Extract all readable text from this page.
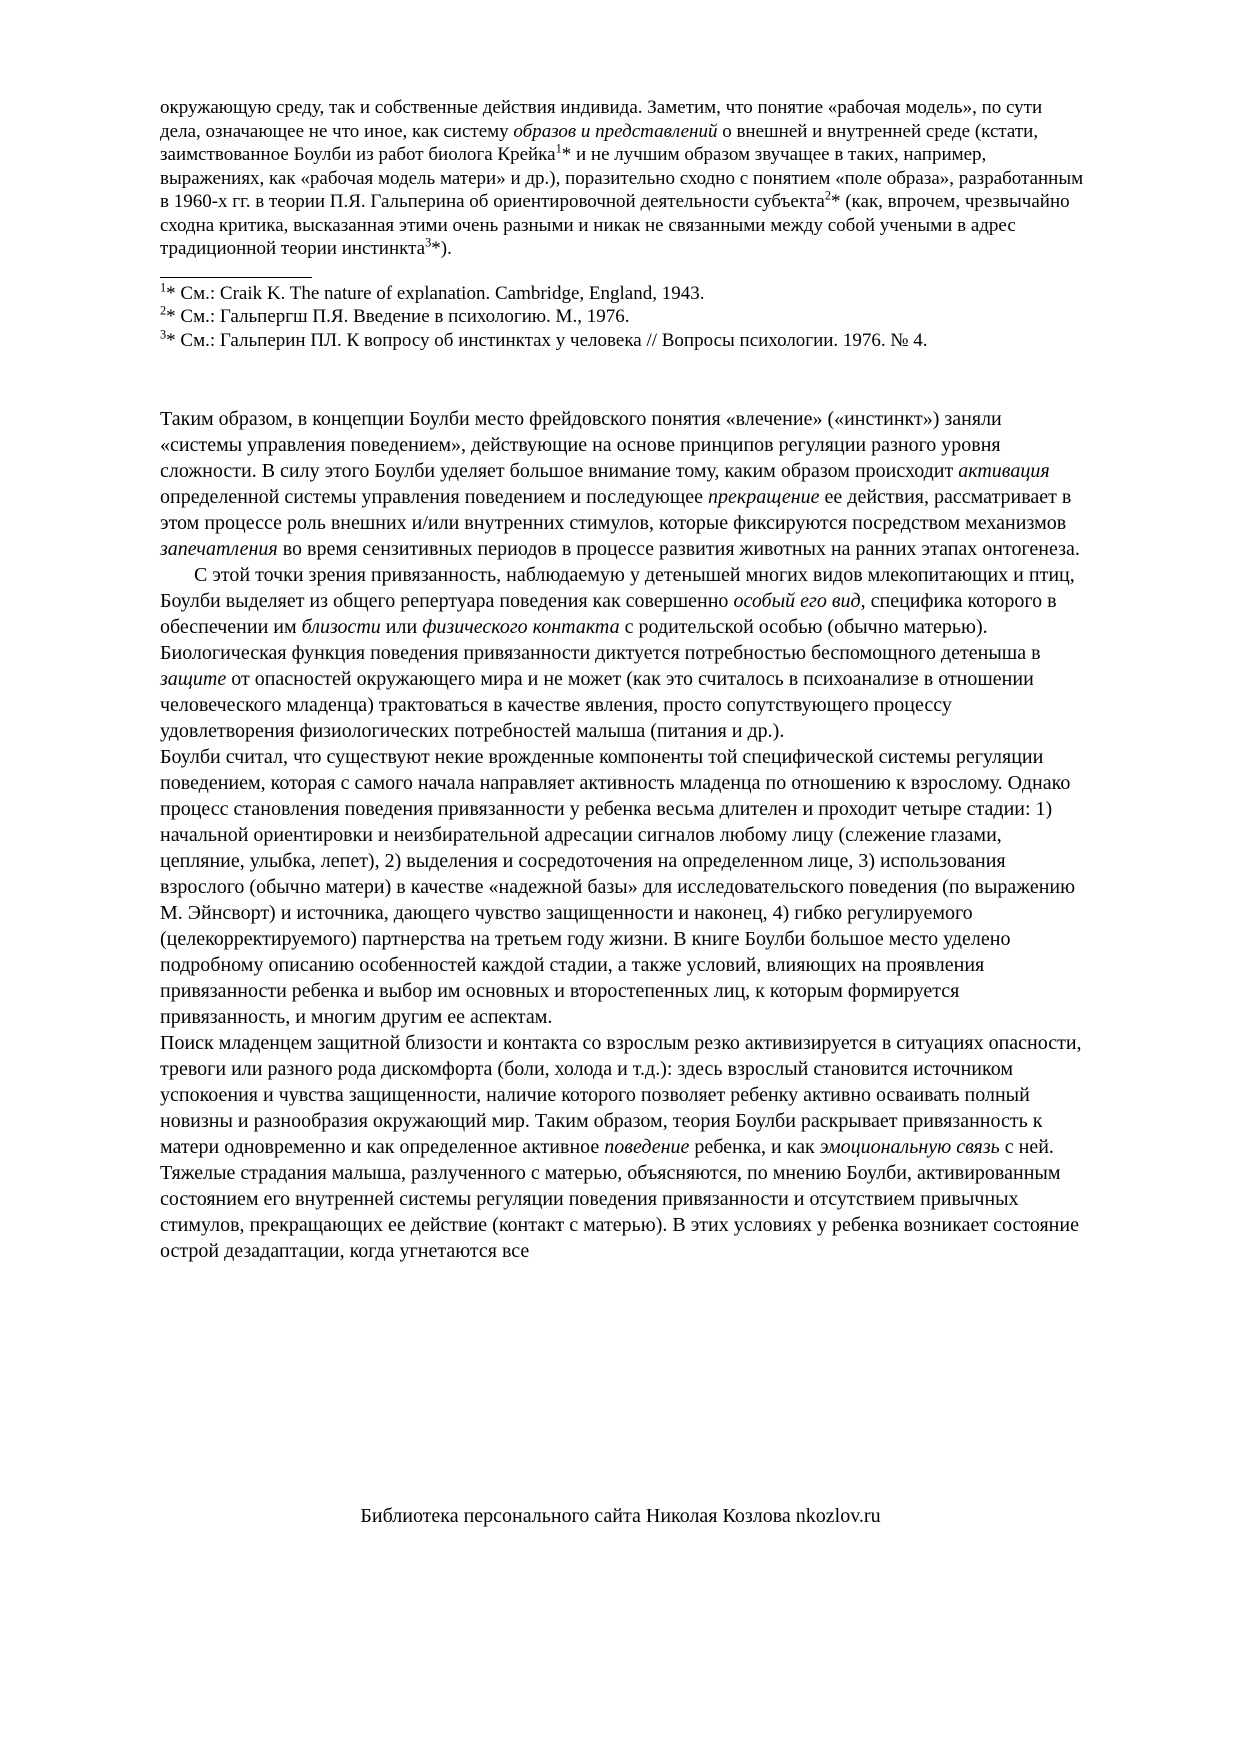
окружающую среду, так и собственные действия индивида. Заметим, что понятие «рабочая модель», по сути дела, означающее не что иное, как систему образов и представлений о внешней и внутренней среде (кстати, заимствованное Боулби из работ биолога Крейка$^1$* и не лучшим образом звучащее в таких, например, выражениях, как «рабочая модель матери» и др.), поразительно сходно с понятием «поле образа», разработанным в 1960-х гг. в теории П.Я. Гальперина об ориентировочной деятельности субъекта$^2$* (как, впрочем, чрезвычайно сходна критика, высказанная этими очень разными и никак не связанными между собой учеными в адрес традиционной теории инстинкта$^3$*).

$^1$* См.: Craik K. The nature of explanation. Cambridge, England, 1943.

$^2$* См.: Гальпергш П.Я. Введение в психологию. М., 1976.

$^3$* См.: Гальперин ПЛ. К вопросу об инстинктах у человека // Вопросы психологии. 1976. № 4.

Таким образом, в концепции Боулби место фрейдовского понятия «влечение» («инстинкт») заняли «системы управления поведением», действующие на основе принципов регуляции разного уровня сложности. В силу этого Боулби уделяет большое внимание тому, каким образом происходит активация определенной системы управления поведением и последующее прекращение ее действия, рассматривает в этом процессе роль внешних и/или внутренних стимулов, которые фиксируются посредством механизмов запечатления во время сензитивных периодов в процессе развития животных на ранних этапах онтогенеза.

С этой точки зрения привязанность, наблюдаемую у детенышей многих видов млекопитающих и птиц, Боулби выделяет из общего репертуара поведения как совершенно особый его вид, специфика которого в обеспечении им близости или физического контакта с родительской особью (обычно матерью). Биологическая функция поведения привязанности диктуется потребностью беспомощного детеныша в защите от опасностей окружающего мира и не может (как это считалось в психоанализе в отношении человеческого младенца) трактоваться в качестве явления, просто сопутствующего процессу удовлетворения физиологических потребностей малыша (питания и др.).

Боулби считал, что существуют некие врожденные компоненты той специфической системы регуляции поведением, которая с самого начала направляет активность младенца по отношению к взрослому. Однако процесс становления поведения привязанности у ребенка весьма длителен и проходит четыре стадии: 1) начальной ориентировки и неизбирательной адресации сигналов любому лицу (слежение глазами, цепляние, улыбка, лепет), 2) выделения и сосредоточения на определенном лице, 3) использования взрослого (обычно матери) в качестве «надежной базы» для исследовательского поведения (по выражению М. Эйнсворт) и источника, дающего чувство защищенности и наконец, 4) гибко регулируемого (целекорректируемого) партнерства на третьем году жизни. В книге Боулби большое место уделено подробному описанию особенностей каждой стадии, а также условий, влияющих на проявления привязанности ребенка и выбор им основных и второстепенных лиц, к которым формируется привязанность, и многим другим ее аспектам.

Поиск младенцем защитной близости и контакта со взрослым резко активизируется в ситуациях опасности, тревоги или разного рода дискомфорта (боли, холода и т.д.): здесь взрослый становится источником успокоения и чувства защищенности, наличие которого позволяет ребенку активно осваивать полный новизны и разнообразия окружающий мир. Таким образом, теория Боулби раскрывает привязанность к матери одновременно и как определенное активное поведение ребенка, и как эмоциональную связь с ней. Тяжелые страдания малыша, разлученного с матерью, объясняются, по мнению Боулби, активированным состоянием его внутренней системы регуляции поведения привязанности и отсутствием привычных стимулов, прекращающих ее действие (контакт с матерью). В этих условиях у ребенка возникает состояние острой дезадаптации, когда угнетаются все

Библиотека персонального сайта Николая Козлова nkozlov.ru
